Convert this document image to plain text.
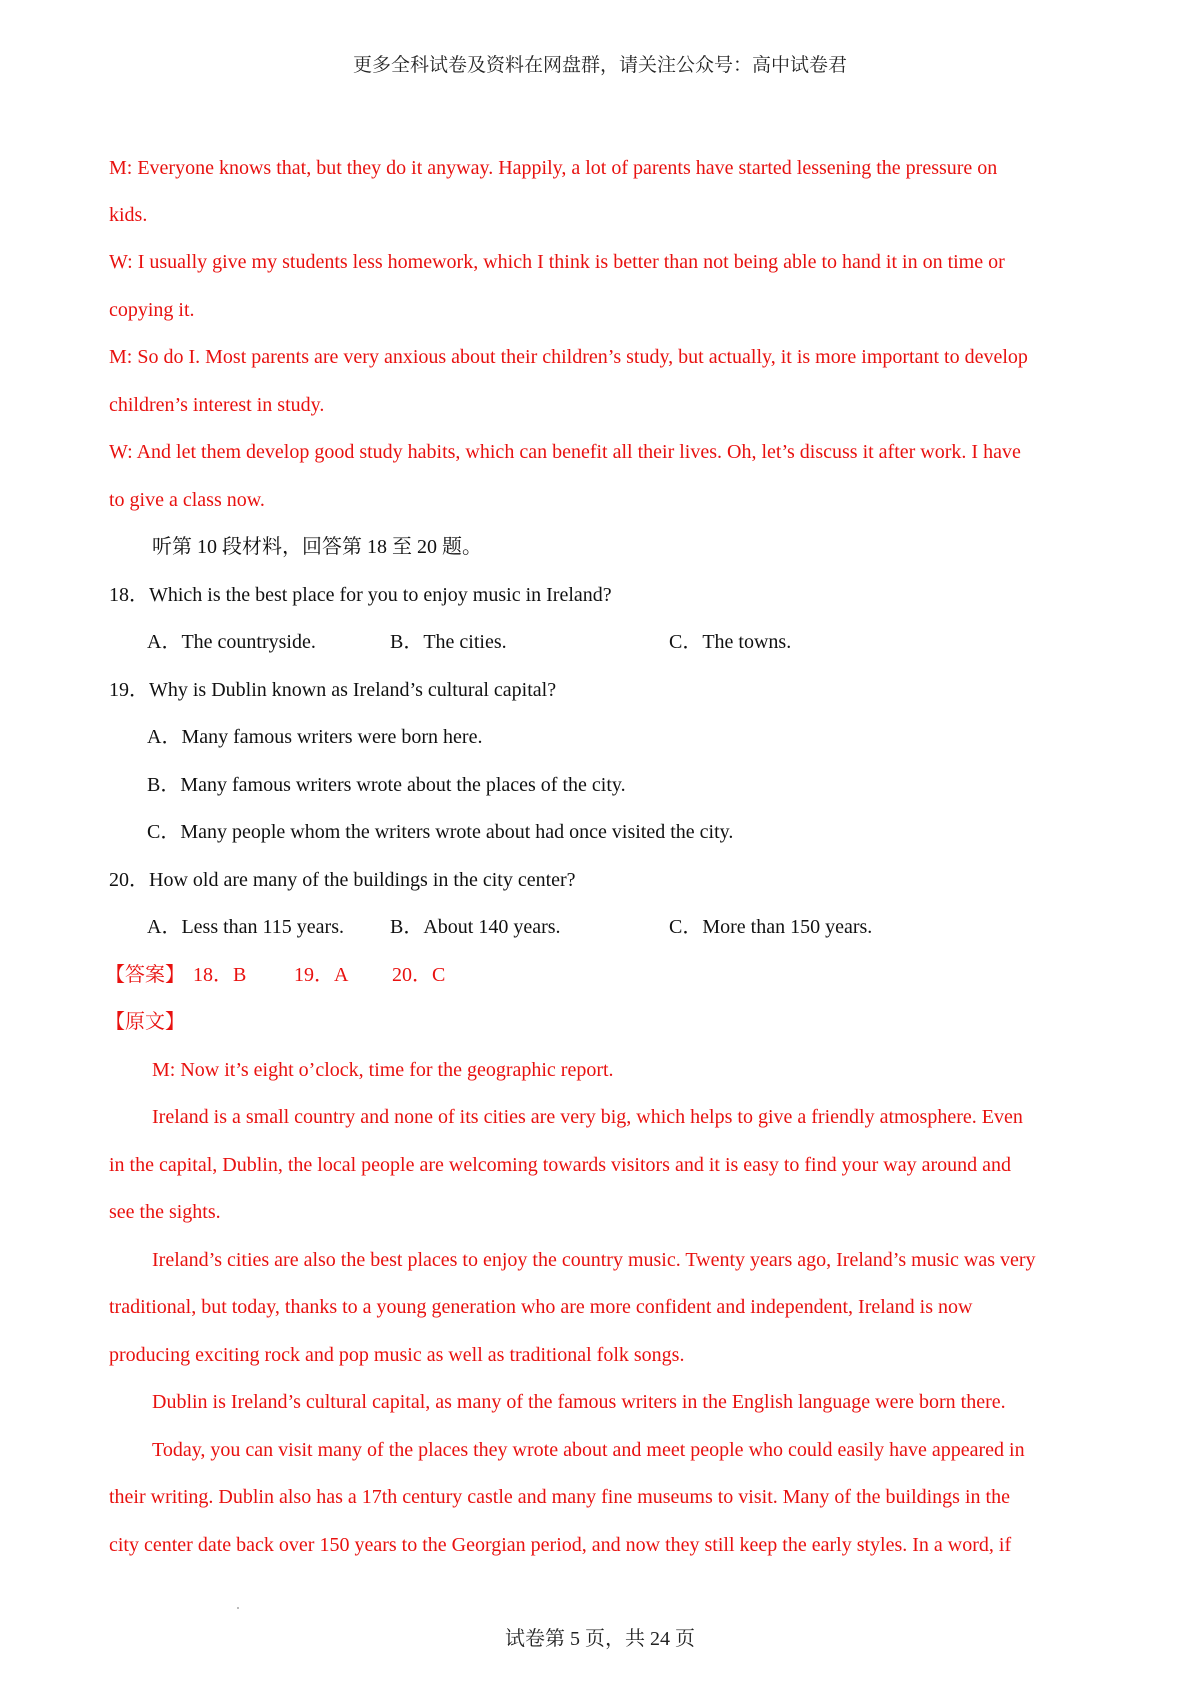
更多全科试卷及资料在网盘群，请关注公众号：高中试卷君
M: Everyone knows that, but they do it anyway. Happily, a lot of parents have started lessening the pressure on
kids.
W: I usually give my students less homework, which I think is better than not being able to hand it in on time or
copying it.
M: So do I. Most parents are very anxious about their children’s study, but actually, it is more important to develop
children’s interest in study.
W: And let them develop good study habits, which can benefit all their lives. Oh, let’s discuss it after work. I have
to give a class now.
听第 10 段材料，回答第 18 至 20 题。
18．Which is the best place for you to enjoy music in Ireland?
A．The countryside.	B．The cities.	C．The towns.
19．Why is Dublin known as Ireland’s cultural capital?
A．Many famous writers were born here.
B．Many famous writers wrote about the places of the city.
C．Many people whom the writers wrote about had once visited the city.
20．How old are many of the buildings in the city center?
A．Less than 115 years. B．About 140 years.	C．More than 150 years.
【答案】 18．B 19．A 20．C
【原文】
M: Now it’s eight o’clock, time for the geographic report.
Ireland is a small country and none of its cities are very big, which helps to give a friendly atmosphere. Even
in the capital, Dublin, the local people are welcoming towards visitors and it is easy to find your way around and
see the sights.
Ireland’s cities are also the best places to enjoy the country music. Twenty years ago, Ireland’s music was very
traditional, but today, thanks to a young generation who are more confident and independent, Ireland is now
producing exciting rock and pop music as well as traditional folk songs.
Dublin is Ireland’s cultural capital, as many of the famous writers in the English language were born there.
Today, you can visit many of the places they wrote about and meet people who could easily have appeared in
their writing. Dublin also has a 17th century castle and many fine museums to visit. Many of the buildings in the
city center date back over 150 years to the Georgian period, and now they still keep the early styles. In a word, if
试卷第 5 页，共 24 页
